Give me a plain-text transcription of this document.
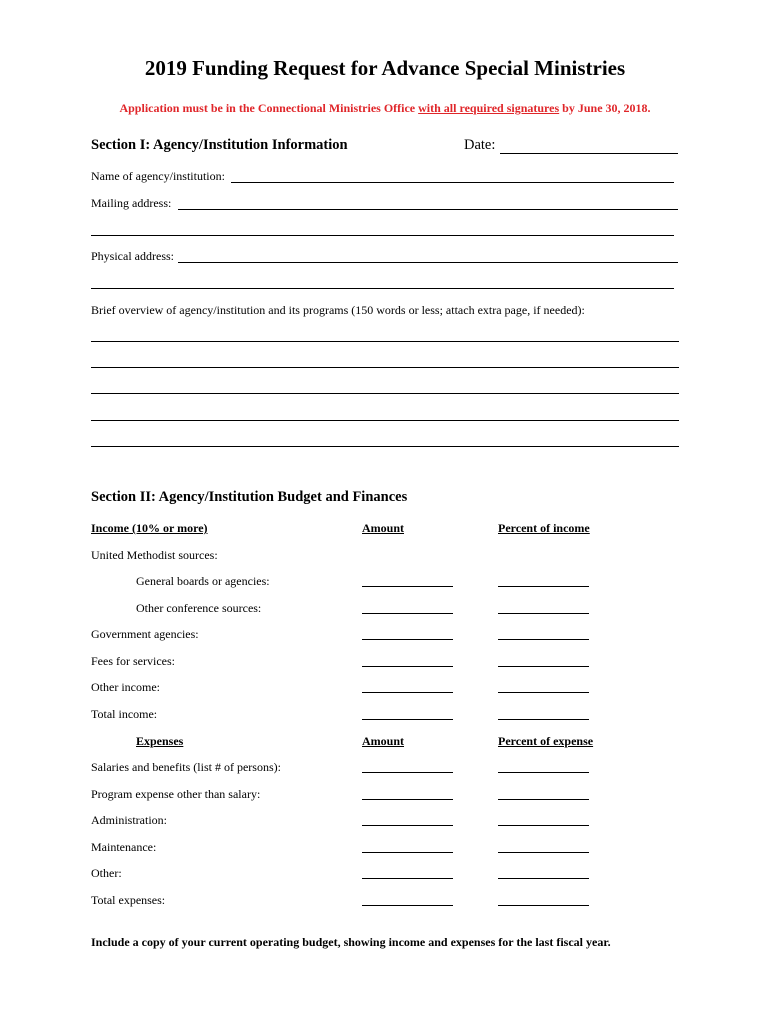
2019 Funding Request for Advance Special Ministries
Application must be in the Connectional Ministries Office with all required signatures by June 30, 2018.
Section I: Agency/Institution Information	Date:
Name of agency/institution:
Mailing address:
Physical address:
Brief overview of agency/institution and its programs (150 words or less; attach extra page, if needed):
Section II: Agency/Institution Budget and Finances
Income (10% or more)	Amount	Percent of income
United Methodist sources:
General boards or agencies:
Other conference sources:
Government agencies:
Fees for services:
Other income:
Total income:
Expenses	Amount	Percent of expense
Salaries and benefits (list # of persons):
Program expense other than salary:
Administration:
Maintenance:
Other:
Total expenses:
Include a copy of your current operating budget, showing income and expenses for the last fiscal year.
